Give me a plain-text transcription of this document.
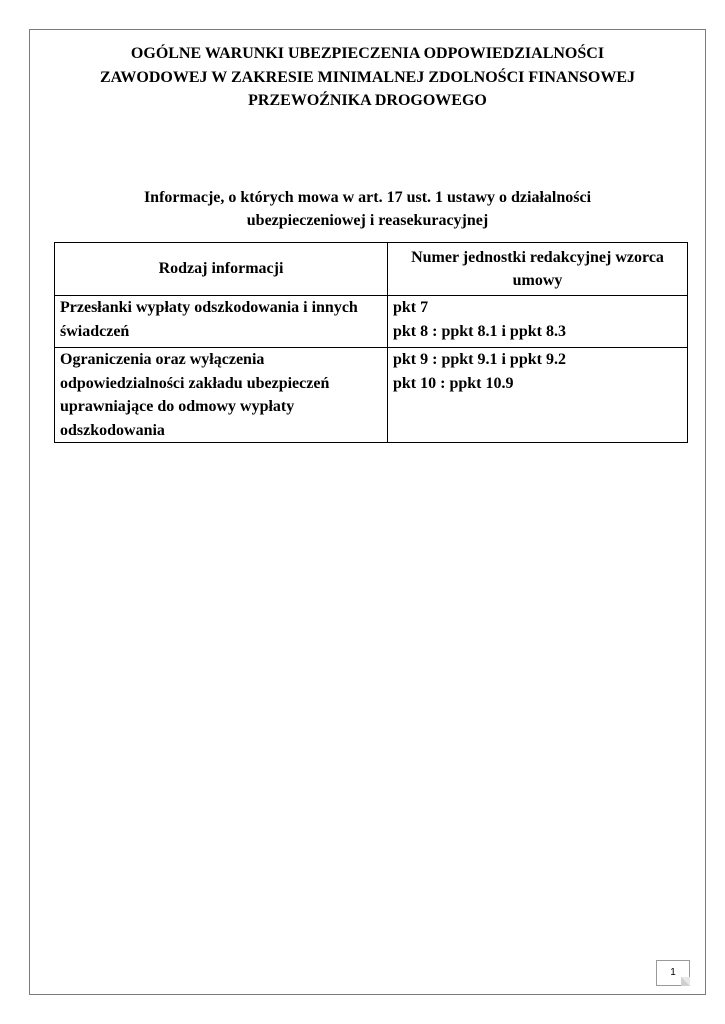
OGÓLNE WARUNKI UBEZPIECZENIA ODPOWIEDZIALNOŚCI
ZAWODOWEJ W ZAKRESIE MINIMALNEJ ZDOLNOŚCI FINANSOWEJ
PRZEWOŹNIKA DROGOWEGO
Informacje, o których mowa w art. 17 ust. 1 ustawy o działalności
ubezpieczeniowej i reasekuracyjnej
Rodzaj informacji	Numer jednostki redakcyjnej wzorca umowy

Przesłanki wypłaty odszkodowania i innych
świadczeń	pkt 7
pkt 8 : ppkt 8.1 i ppkt 8.3

Ograniczenia oraz wyłączenia
odpowiedzialności zakładu ubezpieczeń
uprawniające do odmowy wypłaty
odszkodowania	pkt 9 : ppkt 9.1 i ppkt 9.2
pkt 10 : ppkt 10.9
1
